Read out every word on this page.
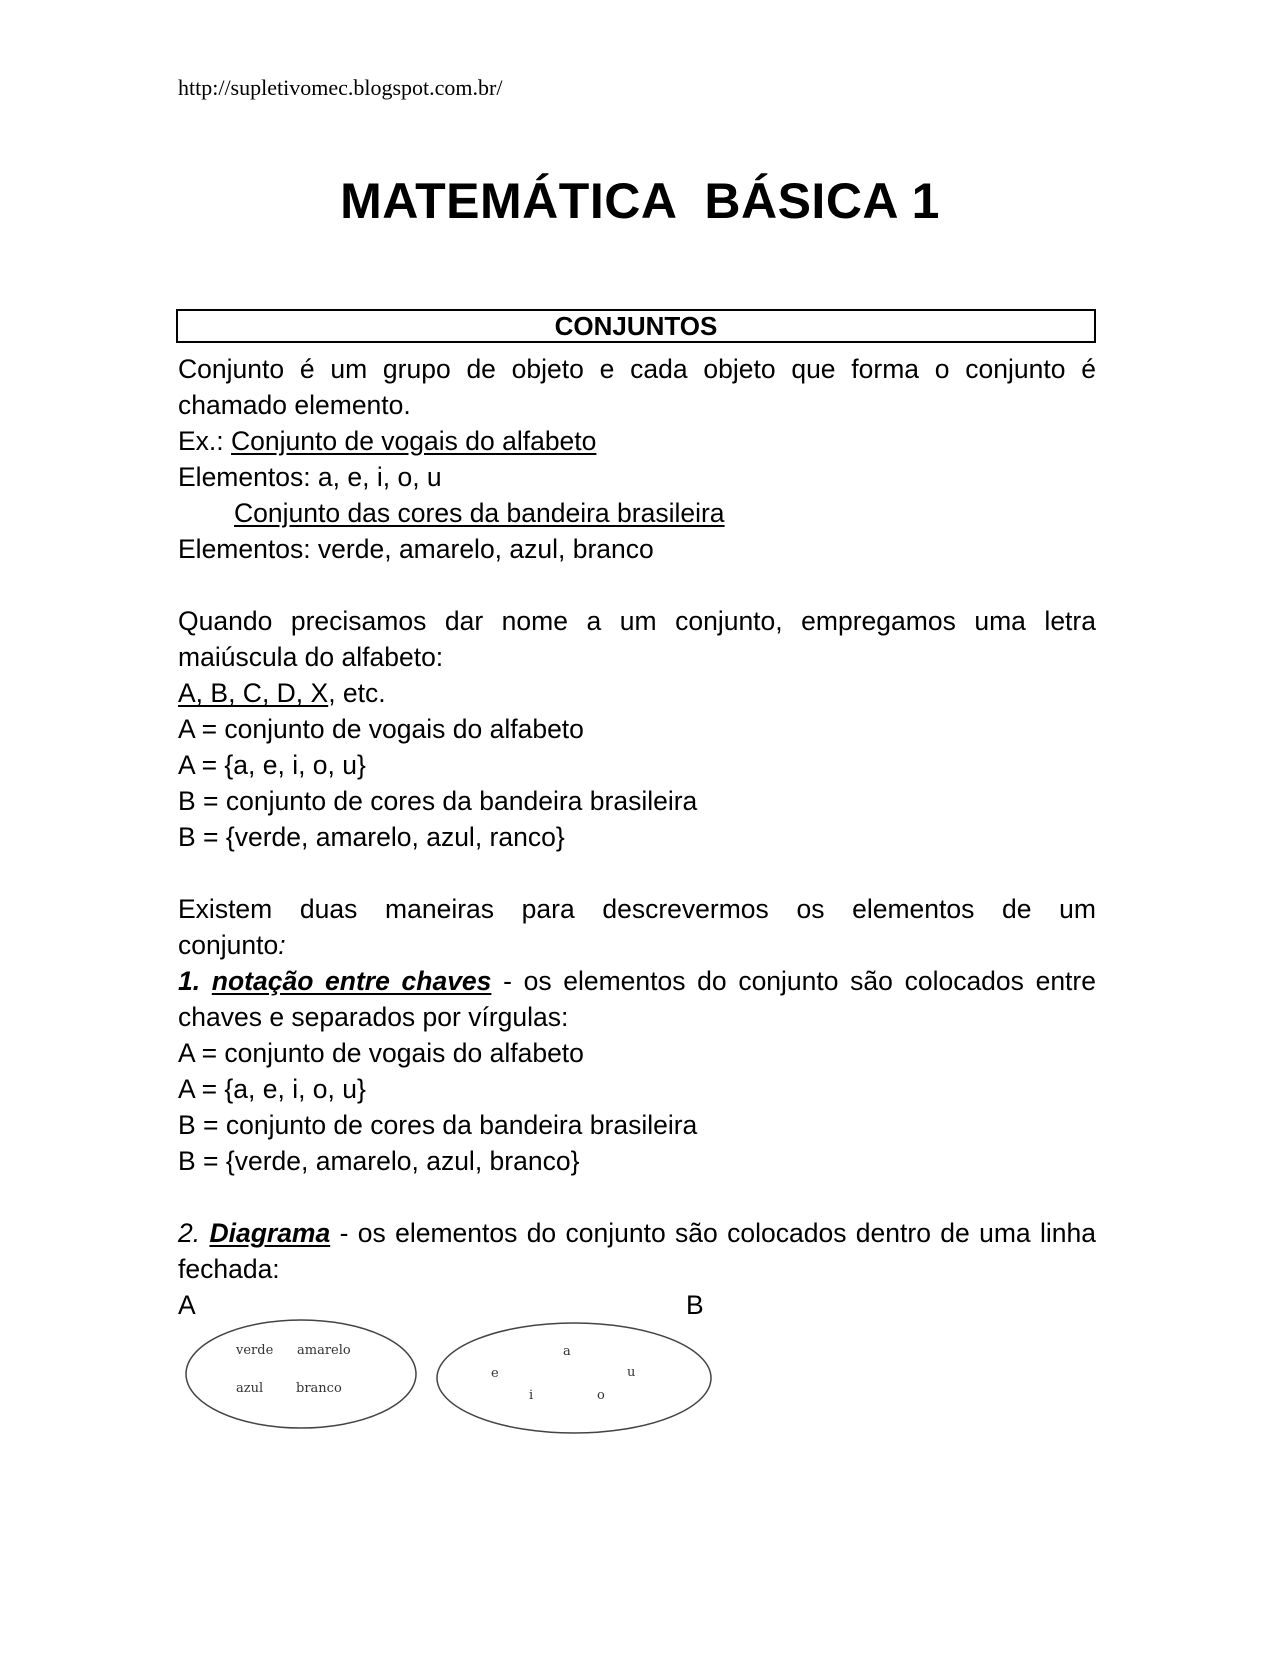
http://supletivomec.blogspot.com.br/
MATEMÁTICA  BÁSICA 1
CONJUNTOS

Conjunto é um grupo de objeto e cada objeto que forma o conjunto é chamado elemento.

Ex.: Conjunto de vogais do alfabeto

Elementos: a, e, i, o, u

Conjunto das cores da bandeira brasileira

Elementos: verde, amarelo, azul, branco

Quando precisamos dar nome a um conjunto, empregamos uma letra maiúscula do alfabeto:

A, B, C, D, X, etc.

A = conjunto de vogais do alfabeto

A = {a, e, i, o, u}

B = conjunto de cores da bandeira brasileira

B = {verde, amarelo, azul, ranco}

Existem duas maneiras para descrevermos os elementos de um

conjunto:

1. notação entre chaves - os elementos do conjunto são colocados entre chaves e separados por vírgulas:

A = conjunto de vogais do alfabeto

A = {a, e, i, o, u}

B = conjunto de cores da bandeira brasileira

B = {verde, amarelo, azul, branco}

2. Diagrama - os elementos do conjunto são colocados dentro de uma linha fechada:

A	B
verde amarelo
azul	branco
a
e	u
i	o
